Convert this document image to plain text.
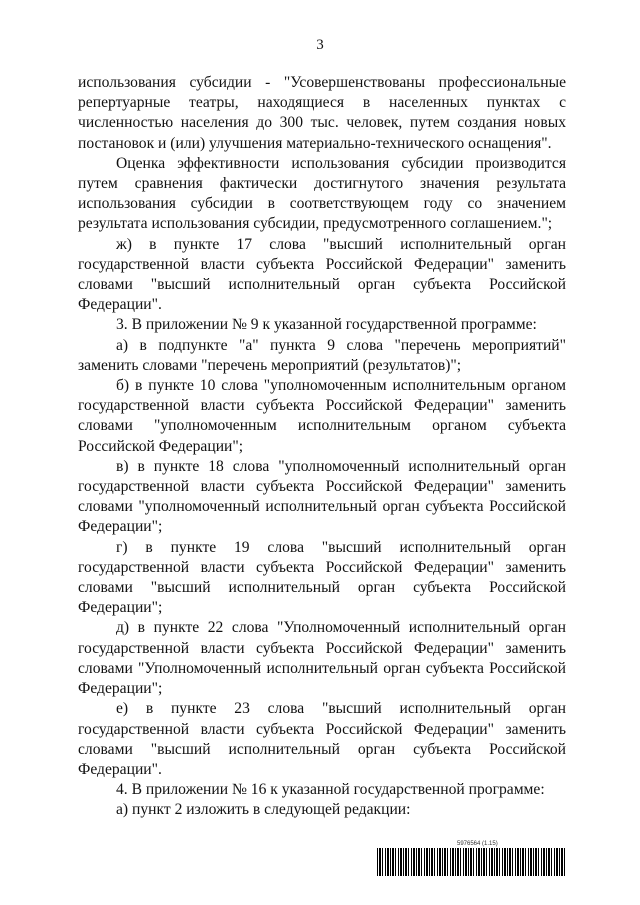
3

использования субсидии - "Усовершенствованы профессиональные репертуарные театры, находящиеся в населенных пунктах с численностью населения до 300 тыс. человек, путем создания новых постановок и (или) улучшения материально-технического оснащения".

Оценка эффективности использования субсидии производится путем сравнения фактически достигнутого значения результата использования субсидии в соответствующем году со значением результата использования субсидии, предусмотренного соглашением.";

ж) в пункте 17 слова "высший исполнительный орган государственной власти субъекта Российской Федерации" заменить словами "высший исполнительный орган субъекта Российской Федерации".

3. В приложении № 9 к указанной государственной программе:

а) в подпункте "а" пункта 9 слова "перечень мероприятий" заменить словами "перечень мероприятий (результатов)";

б) в пункте 10 слова "уполномоченным исполнительным органом государственной власти субъекта Российской Федерации" заменить словами "уполномоченным исполнительным органом субъекта Российской Федерации";

в) в пункте 18 слова "уполномоченный исполнительный орган государственной власти субъекта Российской Федерации" заменить словами "уполномоченный исполнительный орган субъекта Российской Федерации";

г) в пункте 19 слова "высший исполнительный орган государственной власти субъекта Российской Федерации" заменить словами "высший исполнительный орган субъекта Российской Федерации";

д) в пункте 22 слова "Уполномоченный исполнительный орган государственной власти субъекта Российской Федерации" заменить словами "Уполномоченный исполнительный орган субъекта Российской Федерации";

е) в пункте 23 слова "высший исполнительный орган государственной власти субъекта Российской Федерации" заменить словами "высший исполнительный орган субъекта Российской Федерации".

4. В приложении № 16 к указанной государственной программе:

а) пункт 2 изложить в следующей редакции:

5976564 (1.15)
